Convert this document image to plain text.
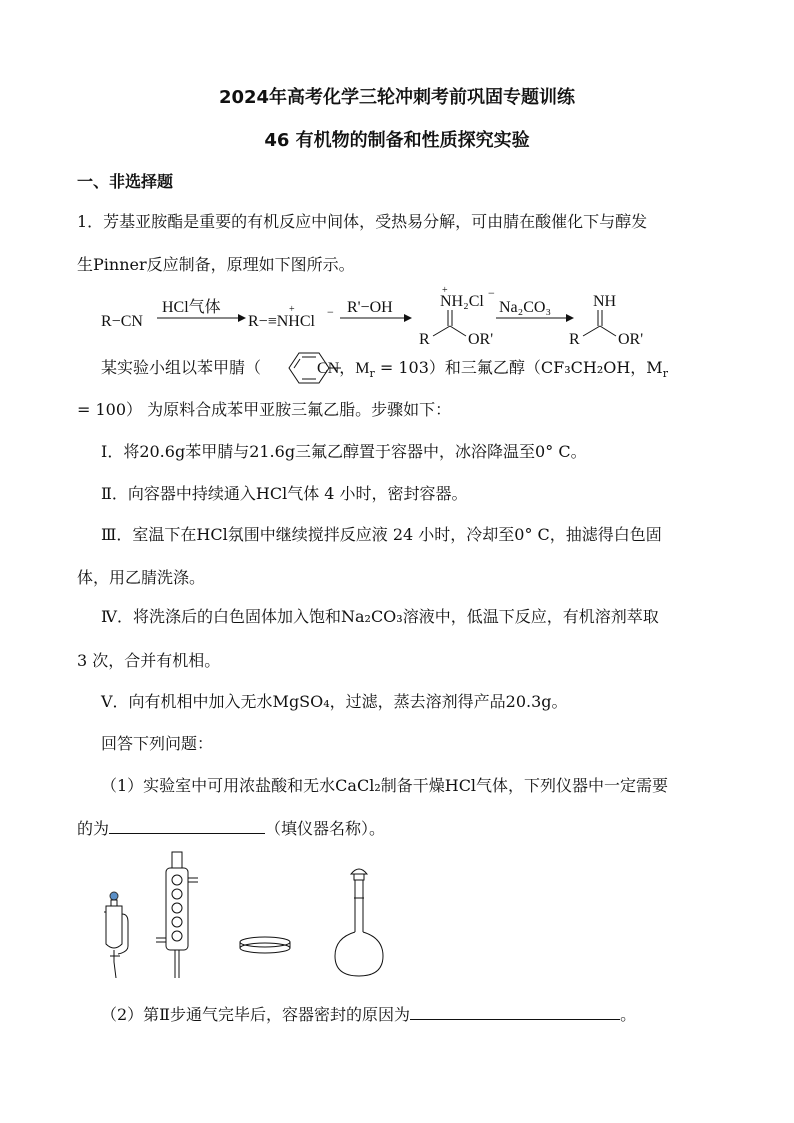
2024年高考化学三轮冲刺考前巩固专题训练
46 有机物的制备和性质探究实验
一、非选择题
1．芳基亚胺酯是重要的有机反应中间体，受热易分解，可由腈在酸催化下与醇发
生Pinner反应制备，原理如下图所示。
R−CN
HCl气体
R−≡NHCl
+	− R'−OH	NH₂Cl
+	−
R OR'
Na₂CO₃	NH
R OR'
某实验小组以苯甲腈（	CN，$M_r = 103$）和三氟乙醇（CF₃CH₂OH，$M_r$
= 100） 为原料合成苯甲亚胺三氟乙脂。步骤如下：
Ⅰ．将20.6g苯甲腈与21.6g三氟乙醇置于容器中，冰浴降温至0° C。
Ⅱ．向容器中持续通入HCl气体 4 小时，密封容器。
Ⅲ．室温下在HCl氛围中继续搅拌反应液 24 小时，冷却至0° C，抽滤得白色固
体，用乙腈洗涤。
Ⅳ．将洗涤后的白色固体加入饱和Na₂CO₃溶液中，低温下反应，有机溶剂萃取
3 次，合并有机相。
Ⅴ．向有机相中加入无水MgSO₄，过滤，蒸去溶剂得产品20.3g。
回答下列问题：
（1）实验室中可用浓盐酸和无水CaCl₂制备干燥HCl气体，下列仪器中一定需要
的为	（填仪器名称）。
（2）第Ⅱ步通气完毕后，容器密封的原因为	。
